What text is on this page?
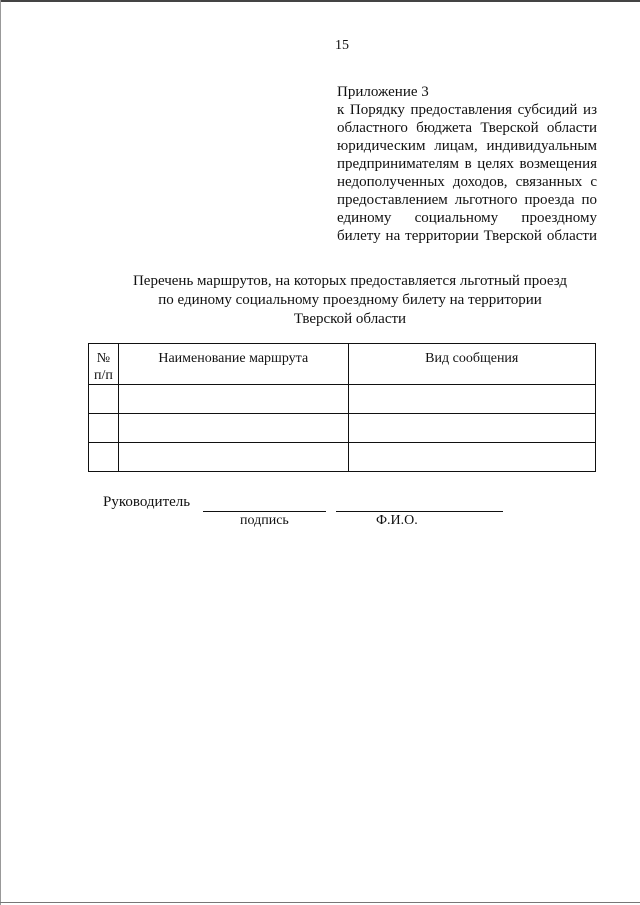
15
Приложение 3
к Порядку предоставления субсидий из
областного бюджета Тверской области
юридическим лицам, индивидуальным
предпринимателям в целях возмещения
недополученных доходов, связанных с
предоставлением льготного проезда по
единому социальному проездному
билету на территории Тверской области
Перечень маршрутов, на которых предоставляется льготный проезд
по единому социальному проездному билету на территории
Тверской области
№ п/п	Наименование маршрута	Вид сообщения

Руководитель
подпись	Ф.И.О.
